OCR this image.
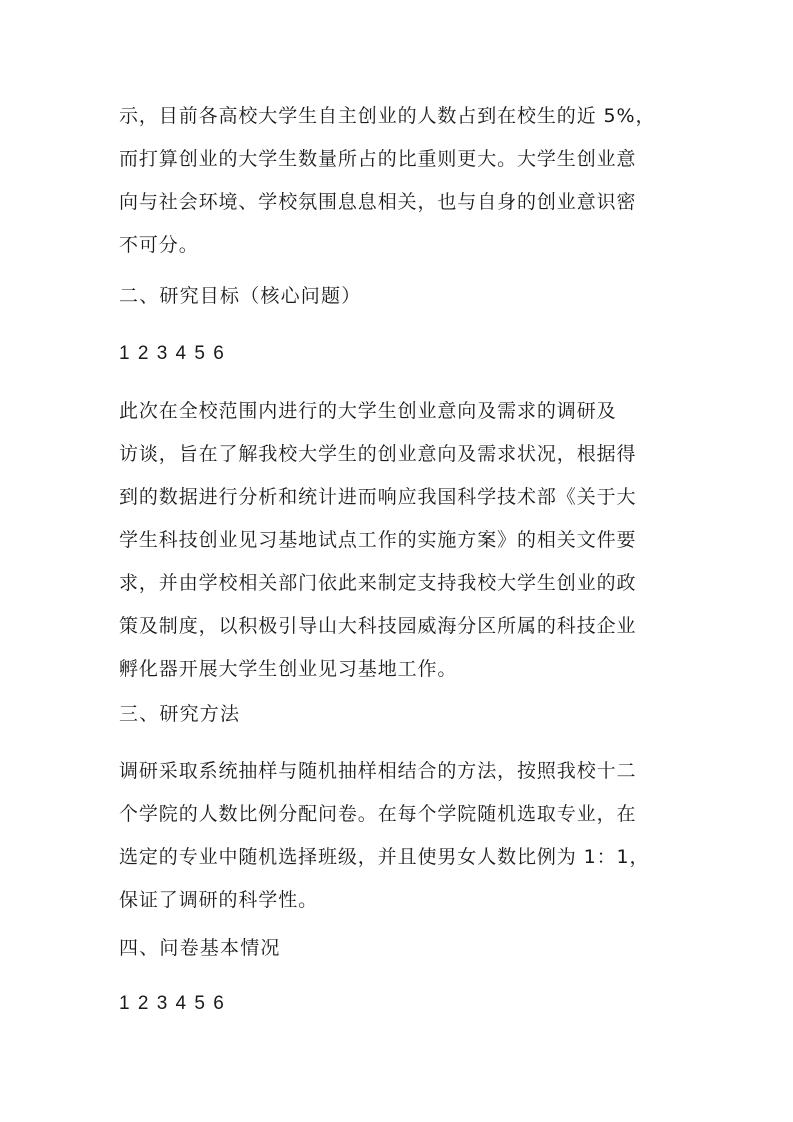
示，目前各高校大学生自主创业的人数占到在校生的近 5%，
而打算创业的大学生数量所占的比重则更大。大学生创业意
向与社会环境、学校氛围息息相关，也与自身的创业意识密
不可分。
二、研究目标（核心问题）
1 2 3 4 5 6
此次在全校范围内进行的大学生创业意向及需求的调研及
访谈，旨在了解我校大学生的创业意向及需求状况，根据得
到的数据进行分析和统计进而响应我国科学技术部《关于大
学生科技创业见习基地试点工作的实施方案》的相关文件要
求，并由学校相关部门依此来制定支持我校大学生创业的政
策及制度，以积极引导山大科技园威海分区所属的科技企业
孵化器开展大学生创业见习基地工作。
三、研究方法
调研采取系统抽样与随机抽样相结合的方法，按照我校十二
个学院的人数比例分配问卷。在每个学院随机选取专业，在
选定的专业中随机选择班级，并且使男女人数比例为 1：1，
保证了调研的科学性。
四、问卷基本情况
1 2 3 4 5 6
